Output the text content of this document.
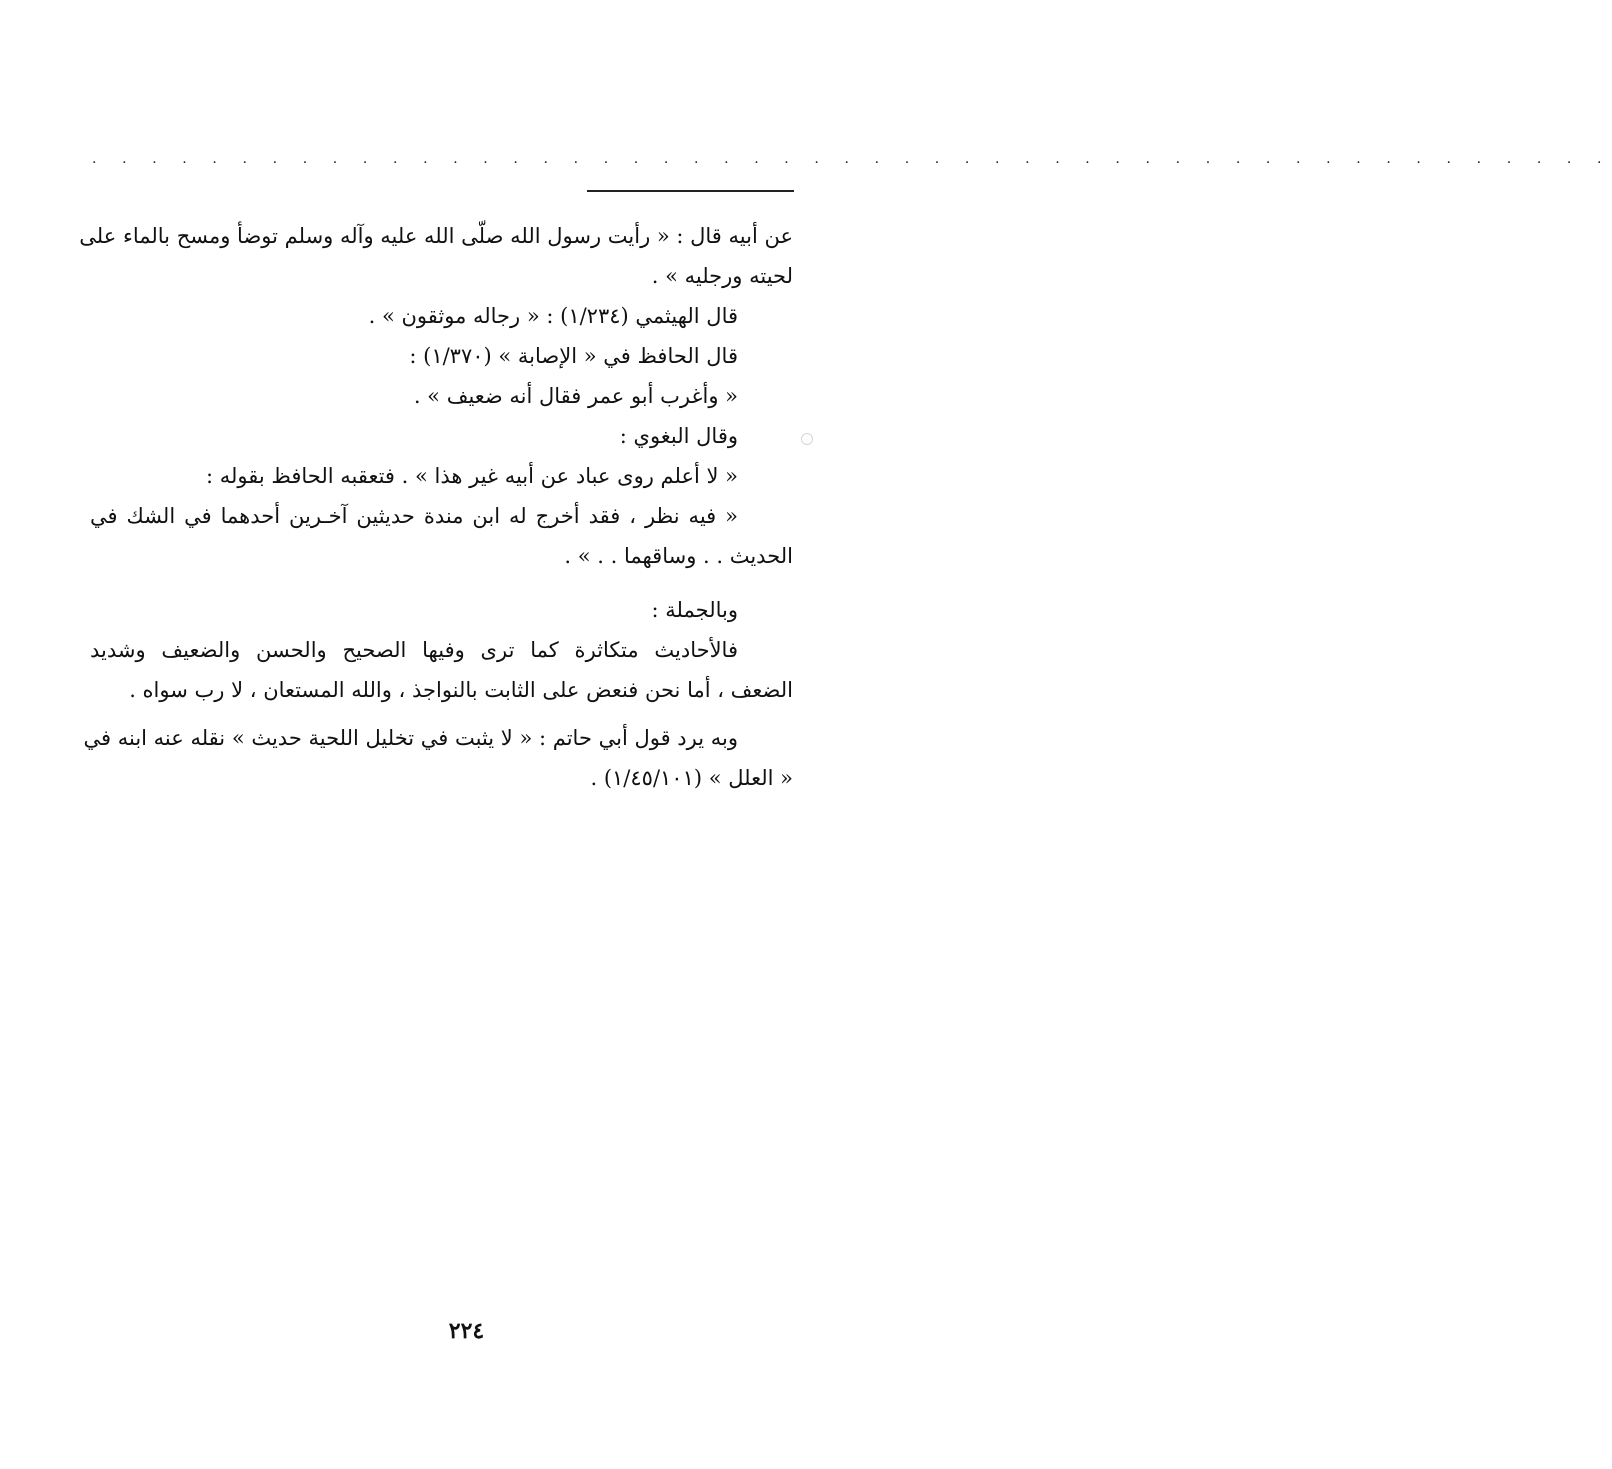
. . . . . . . . . . . . . . . . . . . . . . . . . . . . . . . . . . . . . . . . . . . . . . . . . . .
عن أبيه قال : « رأيت رسول الله صلّى الله عليه وآله وسلم توضأ ومسح بالماء على
لحيته ورجليه » .
قال الهيثمي (١/٢٣٤) : « رجاله موثقون » .
قال الحافظ في « الإصابة » (١/٣٧٠) :
« وأغرب أبو عمر فقال أنه ضعيف » .
وقال البغوي :
« لا أعلم روى عباد عن أبيه غير هذا » . فتعقبه الحافظ بقوله :
« فيه نظر ، فقد أخرج له ابن مندة حديثين آخـرين أحدهما في الشك في
الحديث . . وساقهما . . » .
وبالجملة :
فالأحاديث متكاثرة كما ترى وفيها الصحيح والحسن والضعيف وشديد
الضعف ، أما نحن فنعض على الثابت بالنواجذ ، والله المستعان ، لا رب سواه .
وبه يرد قول أبي حاتم : « لا يثبت في تخليل اللحية حديث » نقله عنه ابنه في
« العلل » (١/٤٥/١٠١) .
٢٢٤
